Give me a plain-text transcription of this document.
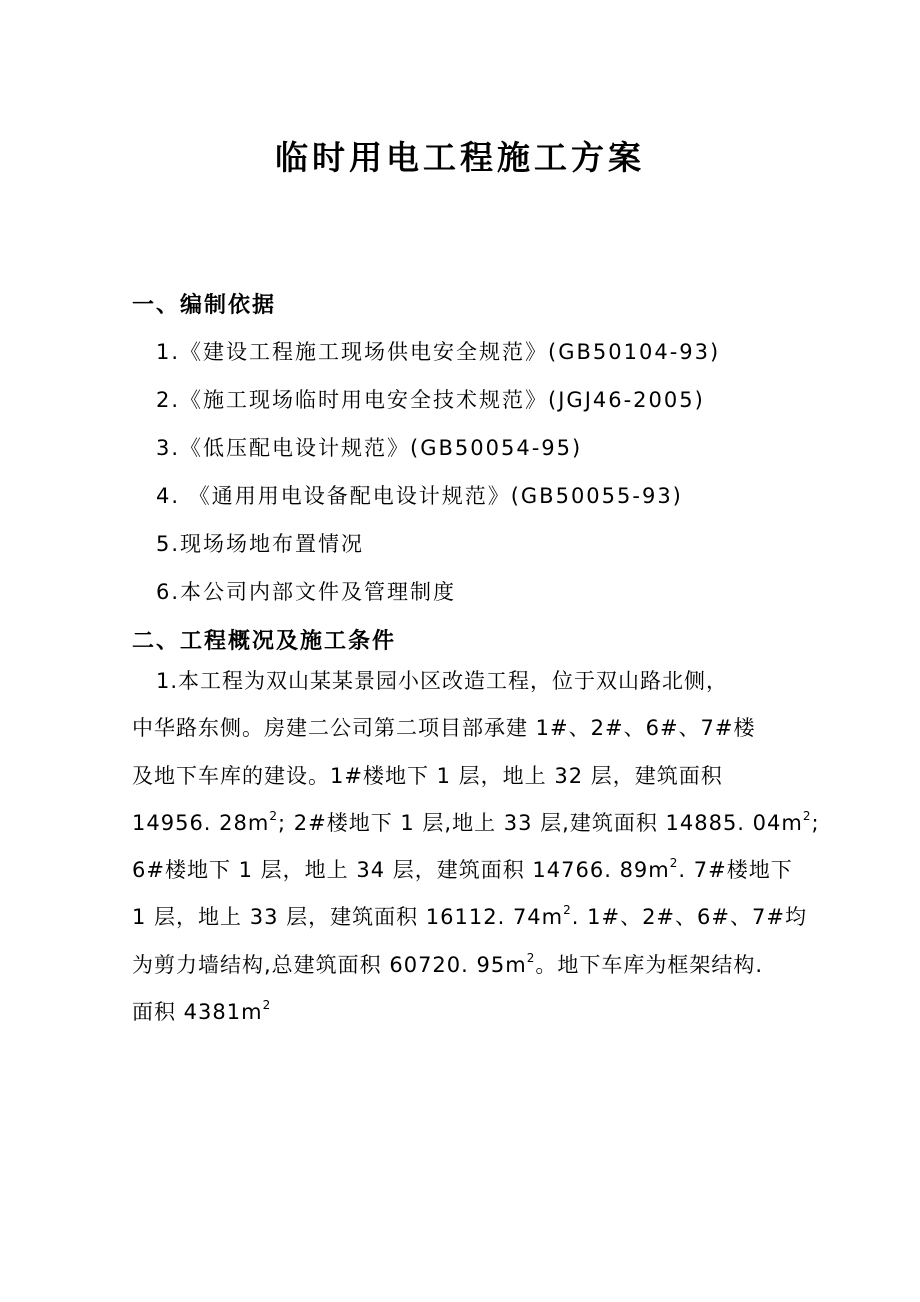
临时用电工程施工方案
一、编制依据
1.《建设工程施工现场供电安全规范》(GB50104-93)
2.《施工现场临时用电安全技术规范》(JGJ46-2005)
3.《低压配电设计规范》(GB50054-95)
4. 《通用用电设备配电设计规范》(GB50055-93)
5.现场场地布置情况
6.本公司内部文件及管理制度
二、工程概况及施工条件
1.本工程为双山某某景园小区改造工程，位于双山路北侧，
中华路东侧。房建二公司第二项目部承建 1#、2#、6#、7#楼
及地下车库的建设。1#楼地下 1 层，地上 32 层，建筑面积
14956. $28m^2$; 2#楼地下 1 层,地上 33 层,建筑面积 14885. $04m^2$;
6#楼地下 1 层，地上 34 层，建筑面积 14766. $89m^2$. 7#楼地下
1 层，地上 33 层，建筑面积 16112. $74m^2$. 1#、2#、6#、7#均
为剪力墙结构,总建筑面积 60720. $95m^2$。地下车库为框架结构.
面积 $4381m^2$
